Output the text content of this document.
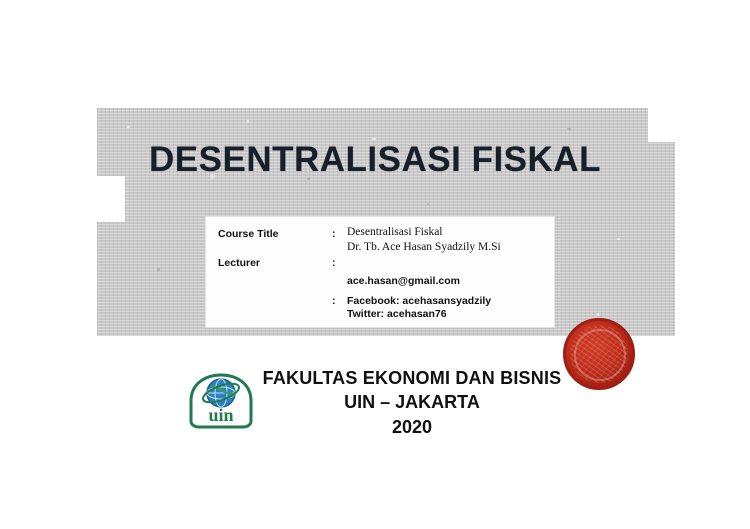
DESENTRALISASI FISKAL
Course Title	: Desentralisasi Fiskal
Dr. Tb. Ace Hasan Syadzily M.Si
Lecturer	:
ace.hasan@gmail.com
: Facebook: acehasansyadzily
Twitter: acehasan76
uin
FAKULTAS EKONOMI DAN BISNIS
UIN – JAKARTA
2020
